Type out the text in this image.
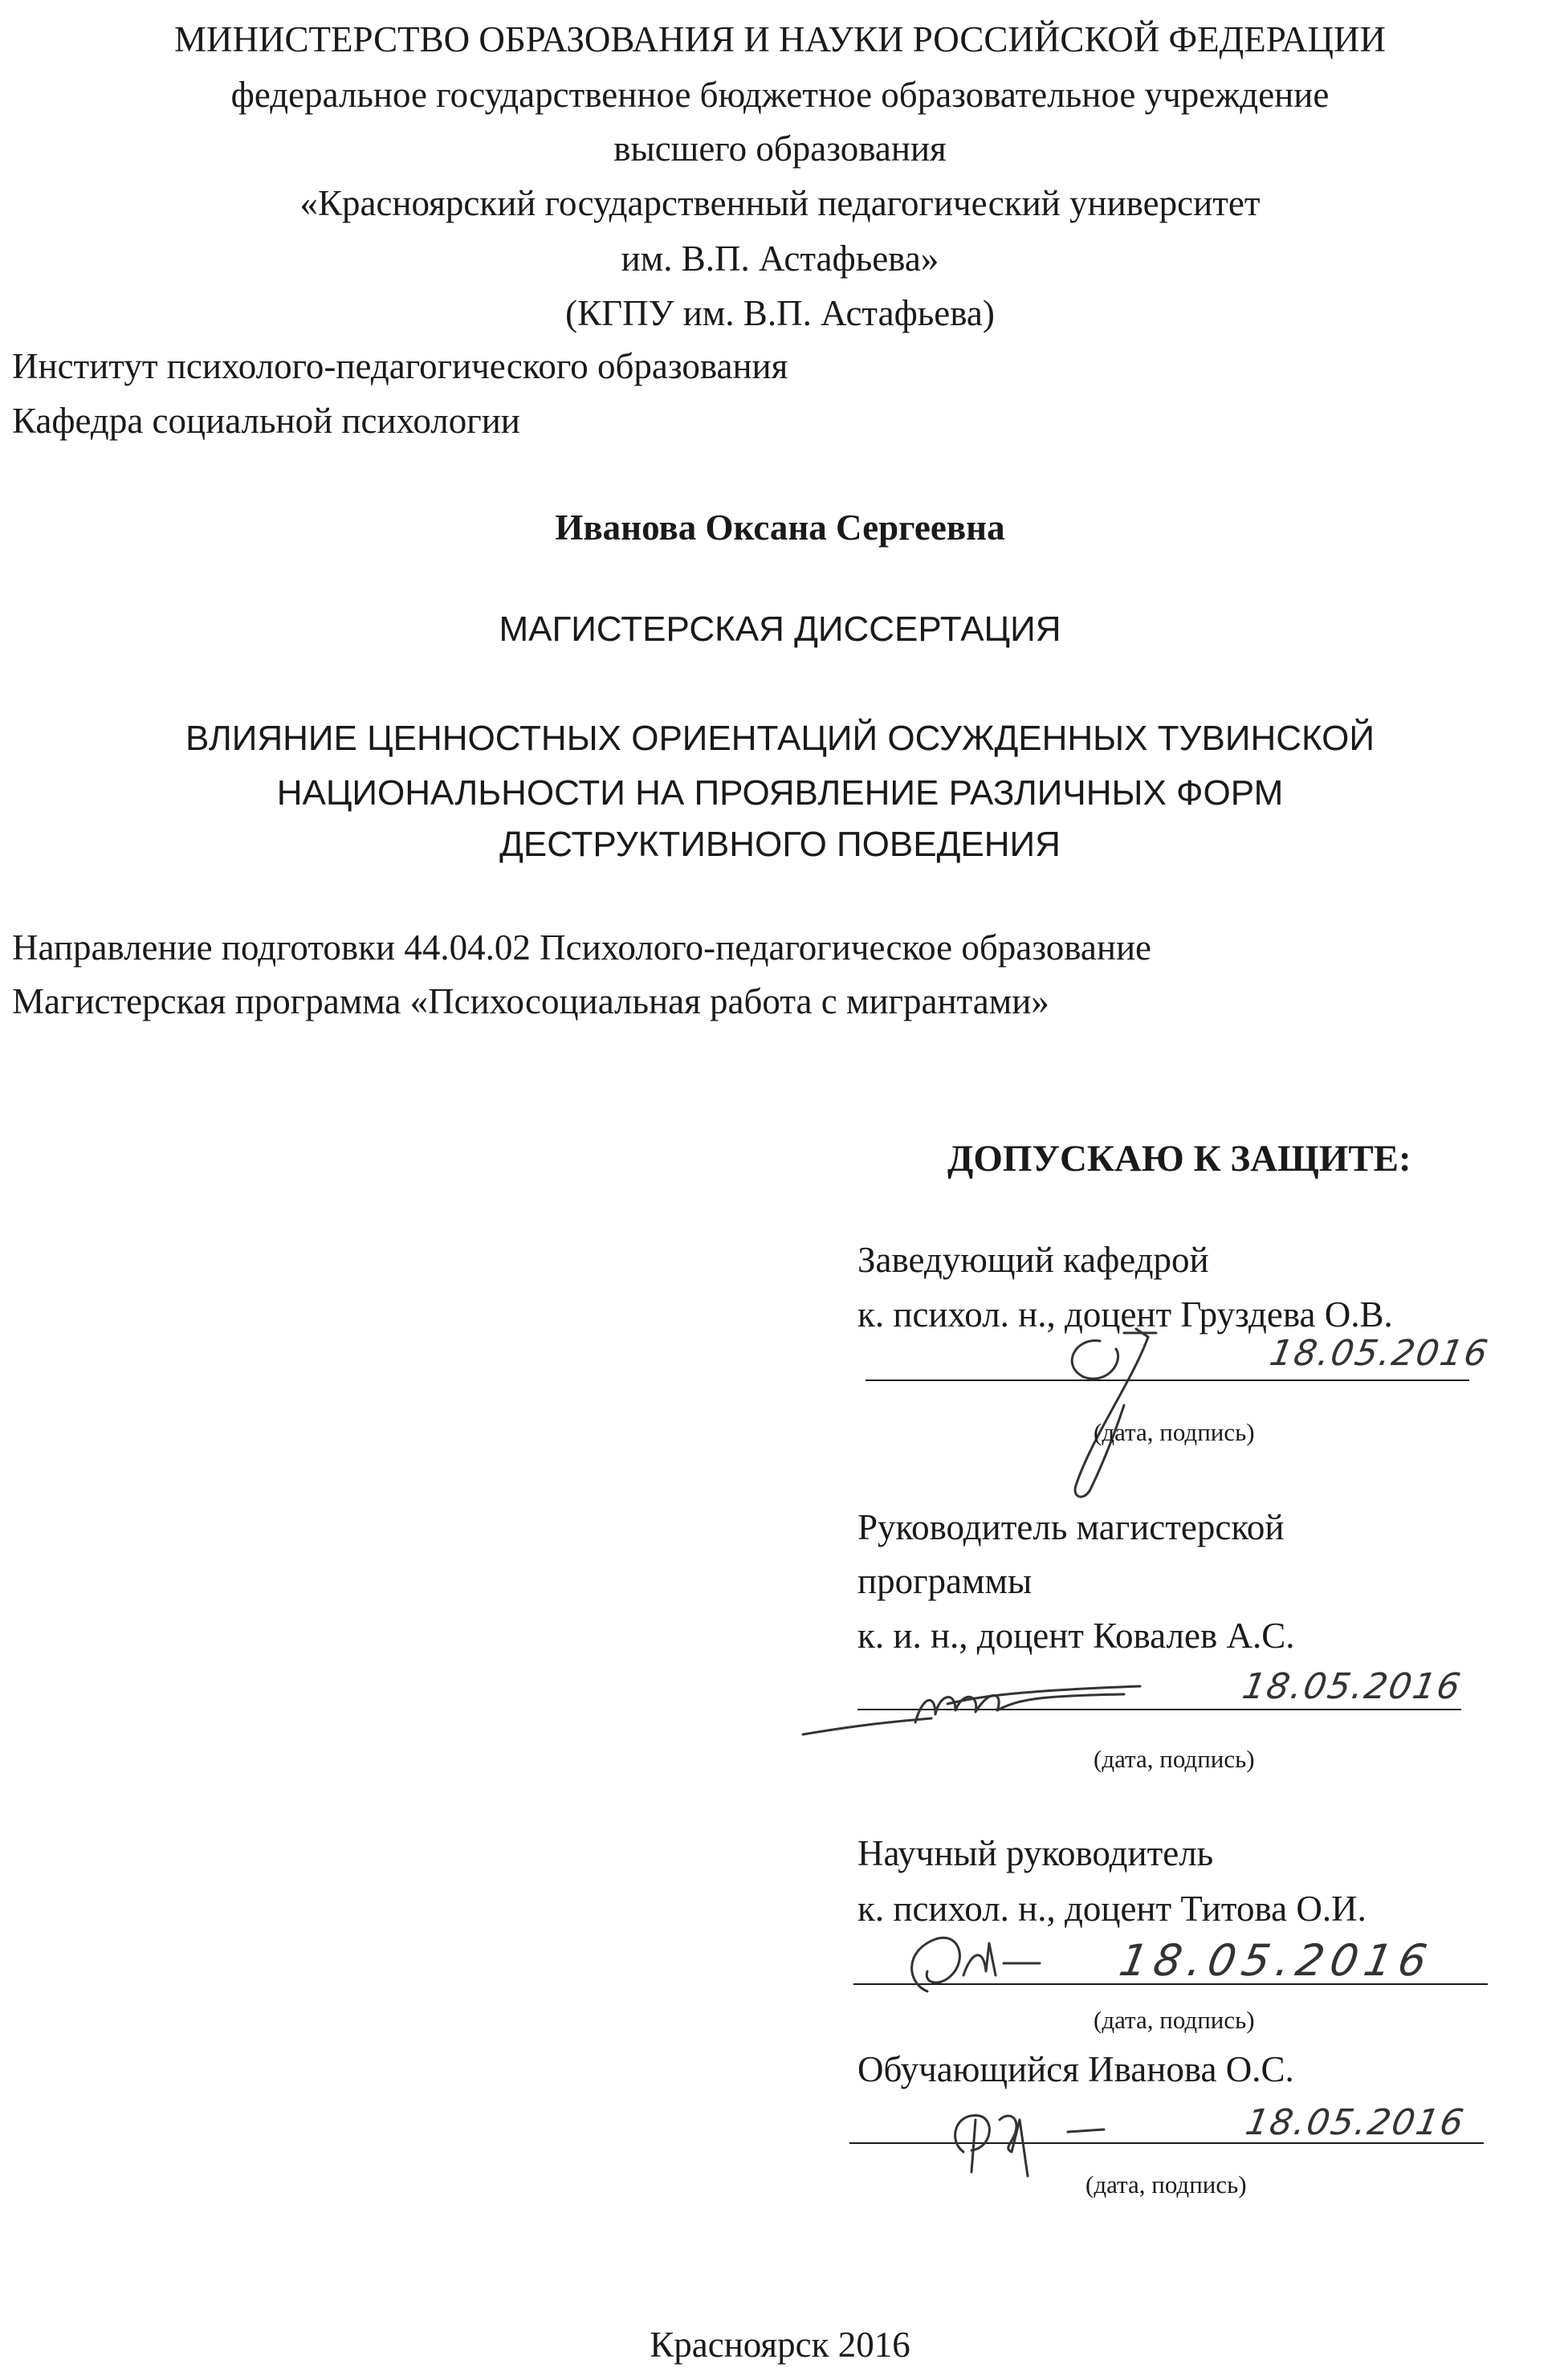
МИНИСТЕРСТВО ОБРАЗОВАНИЯ И НАУКИ РОССИЙСКОЙ ФЕДЕРАЦИИ
федеральное государственное бюджетное образовательное учреждение
высшего образования
«Красноярский государственный педагогический университет
им. В.П. Астафьева»
(КГПУ им. В.П. Астафьева)
Институт психолого-педагогического образования
Кафедра социальной психологии
Иванова Оксана Сергеевна
МАГИСТЕРСКАЯ ДИССЕРТАЦИЯ
ВЛИЯНИЕ ЦЕННОСТНЫХ ОРИЕНТАЦИЙ ОСУЖДЕННЫХ ТУВИНСКОЙ
НАЦИОНАЛЬНОСТИ НА ПРОЯВЛЕНИЕ РАЗЛИЧНЫХ ФОРМ
ДЕСТРУКТИВНОГО ПОВЕДЕНИЯ
Направление подготовки 44.04.02 Психолого-педагогическое образование
Магистерская программа «Психосоциальная работа с мигрантами»
ДОПУСКАЮ К ЗАЩИТЕ:
Заведующий кафедрой
к. психол. н., доцент Груздева О.В.
18.05.2016
(дата, подпись)
Руководитель магистерской
программы
к. и. н., доцент Ковалев А.С.
18.05.2016
(дата, подпись)
Научный руководитель
к. психол. н., доцент Титова О.И.
18.05.2016
(дата, подпись)
Обучающийся Иванова О.С.
18.05.2016
(дата, подпись)
Красноярск 2016
